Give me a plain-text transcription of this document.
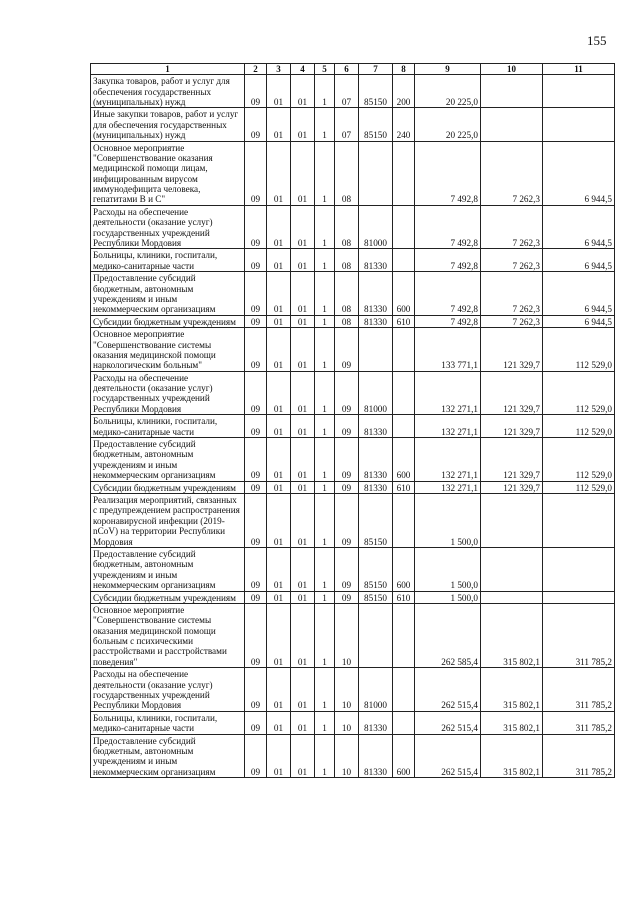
155
1	2	3	4	5	6	7	8	9	10	11
Закупка товаров, работ и услуг для обеспечения государственных (муниципальных) нужд	09	01	01	1	07	85150	200	20 225,0		
Иные закупки товаров, работ и услуг для обеспечения государственных (муниципальных) нужд	09	01	01	1	07	85150	240	20 225,0		
Основное мероприятие "Совершенствование оказания медицинской помощи лицам, инфицированным вирусом иммунодефицита человека, гепатитами В и С"	09	01	01	1	08			7 492,8	7 262,3	6 944,5
Расходы на обеспечение деятельности (оказание услуг) государственных учреждений Республики Мордовия	09	01	01	1	08	81000		7 492,8	7 262,3	6 944,5
Больницы, клиники, госпитали, медико-санитарные части	09	01	01	1	08	81330		7 492,8	7 262,3	6 944,5
Предоставление субсидий бюджетным, автономным учреждениям и иным некоммерческим организациям	09	01	01	1	08	81330	600	7 492,8	7 262,3	6 944,5
Субсидии бюджетным учреждениям	09	01	01	1	08	81330	610	7 492,8	7 262,3	6 944,5
Основное мероприятие "Совершенствование системы оказания медицинской помощи наркологическим больным"	09	01	01	1	09			133 771,1	121 329,7	112 529,0
Расходы на обеспечение деятельности (оказание услуг) государственных учреждений Республики Мордовия	09	01	01	1	09	81000		132 271,1	121 329,7	112 529,0
Больницы, клиники, госпитали, медико-санитарные части	09	01	01	1	09	81330		132 271,1	121 329,7	112 529,0
Предоставление субсидий бюджетным, автономным учреждениям и иным некоммерческим организациям	09	01	01	1	09	81330	600	132 271,1	121 329,7	112 529,0
Субсидии бюджетным учреждениям	09	01	01	1	09	81330	610	132 271,1	121 329,7	112 529,0
Реализация мероприятий, связанных с предупреждением распространения коронавирусной инфекции (2019-nCoV) на территории Республики Мордовия	09	01	01	1	09	85150		1 500,0		
Предоставление субсидий бюджетным, автономным учреждениям и иным некоммерческим организациям	09	01	01	1	09	85150	600	1 500,0		
Субсидии бюджетным учреждениям	09	01	01	1	09	85150	610	1 500,0		
Основное мероприятие "Совершенствование системы оказания медицинской помощи больным с психическими расстройствами и расстройствами поведения"	09	01	01	1	10			262 585,4	315 802,1	311 785,2
Расходы на обеспечение деятельности (оказание услуг) государственных учреждений Республики Мордовия	09	01	01	1	10	81000		262 515,4	315 802,1	311 785,2
Больницы, клиники, госпитали, медико-санитарные части	09	01	01	1	10	81330		262 515,4	315 802,1	311 785,2
Предоставление субсидий бюджетным, автономным учреждениям и иным некоммерческим организациям	09	01	01	1	10	81330	600	262 515,4	315 802,1	311 785,2
